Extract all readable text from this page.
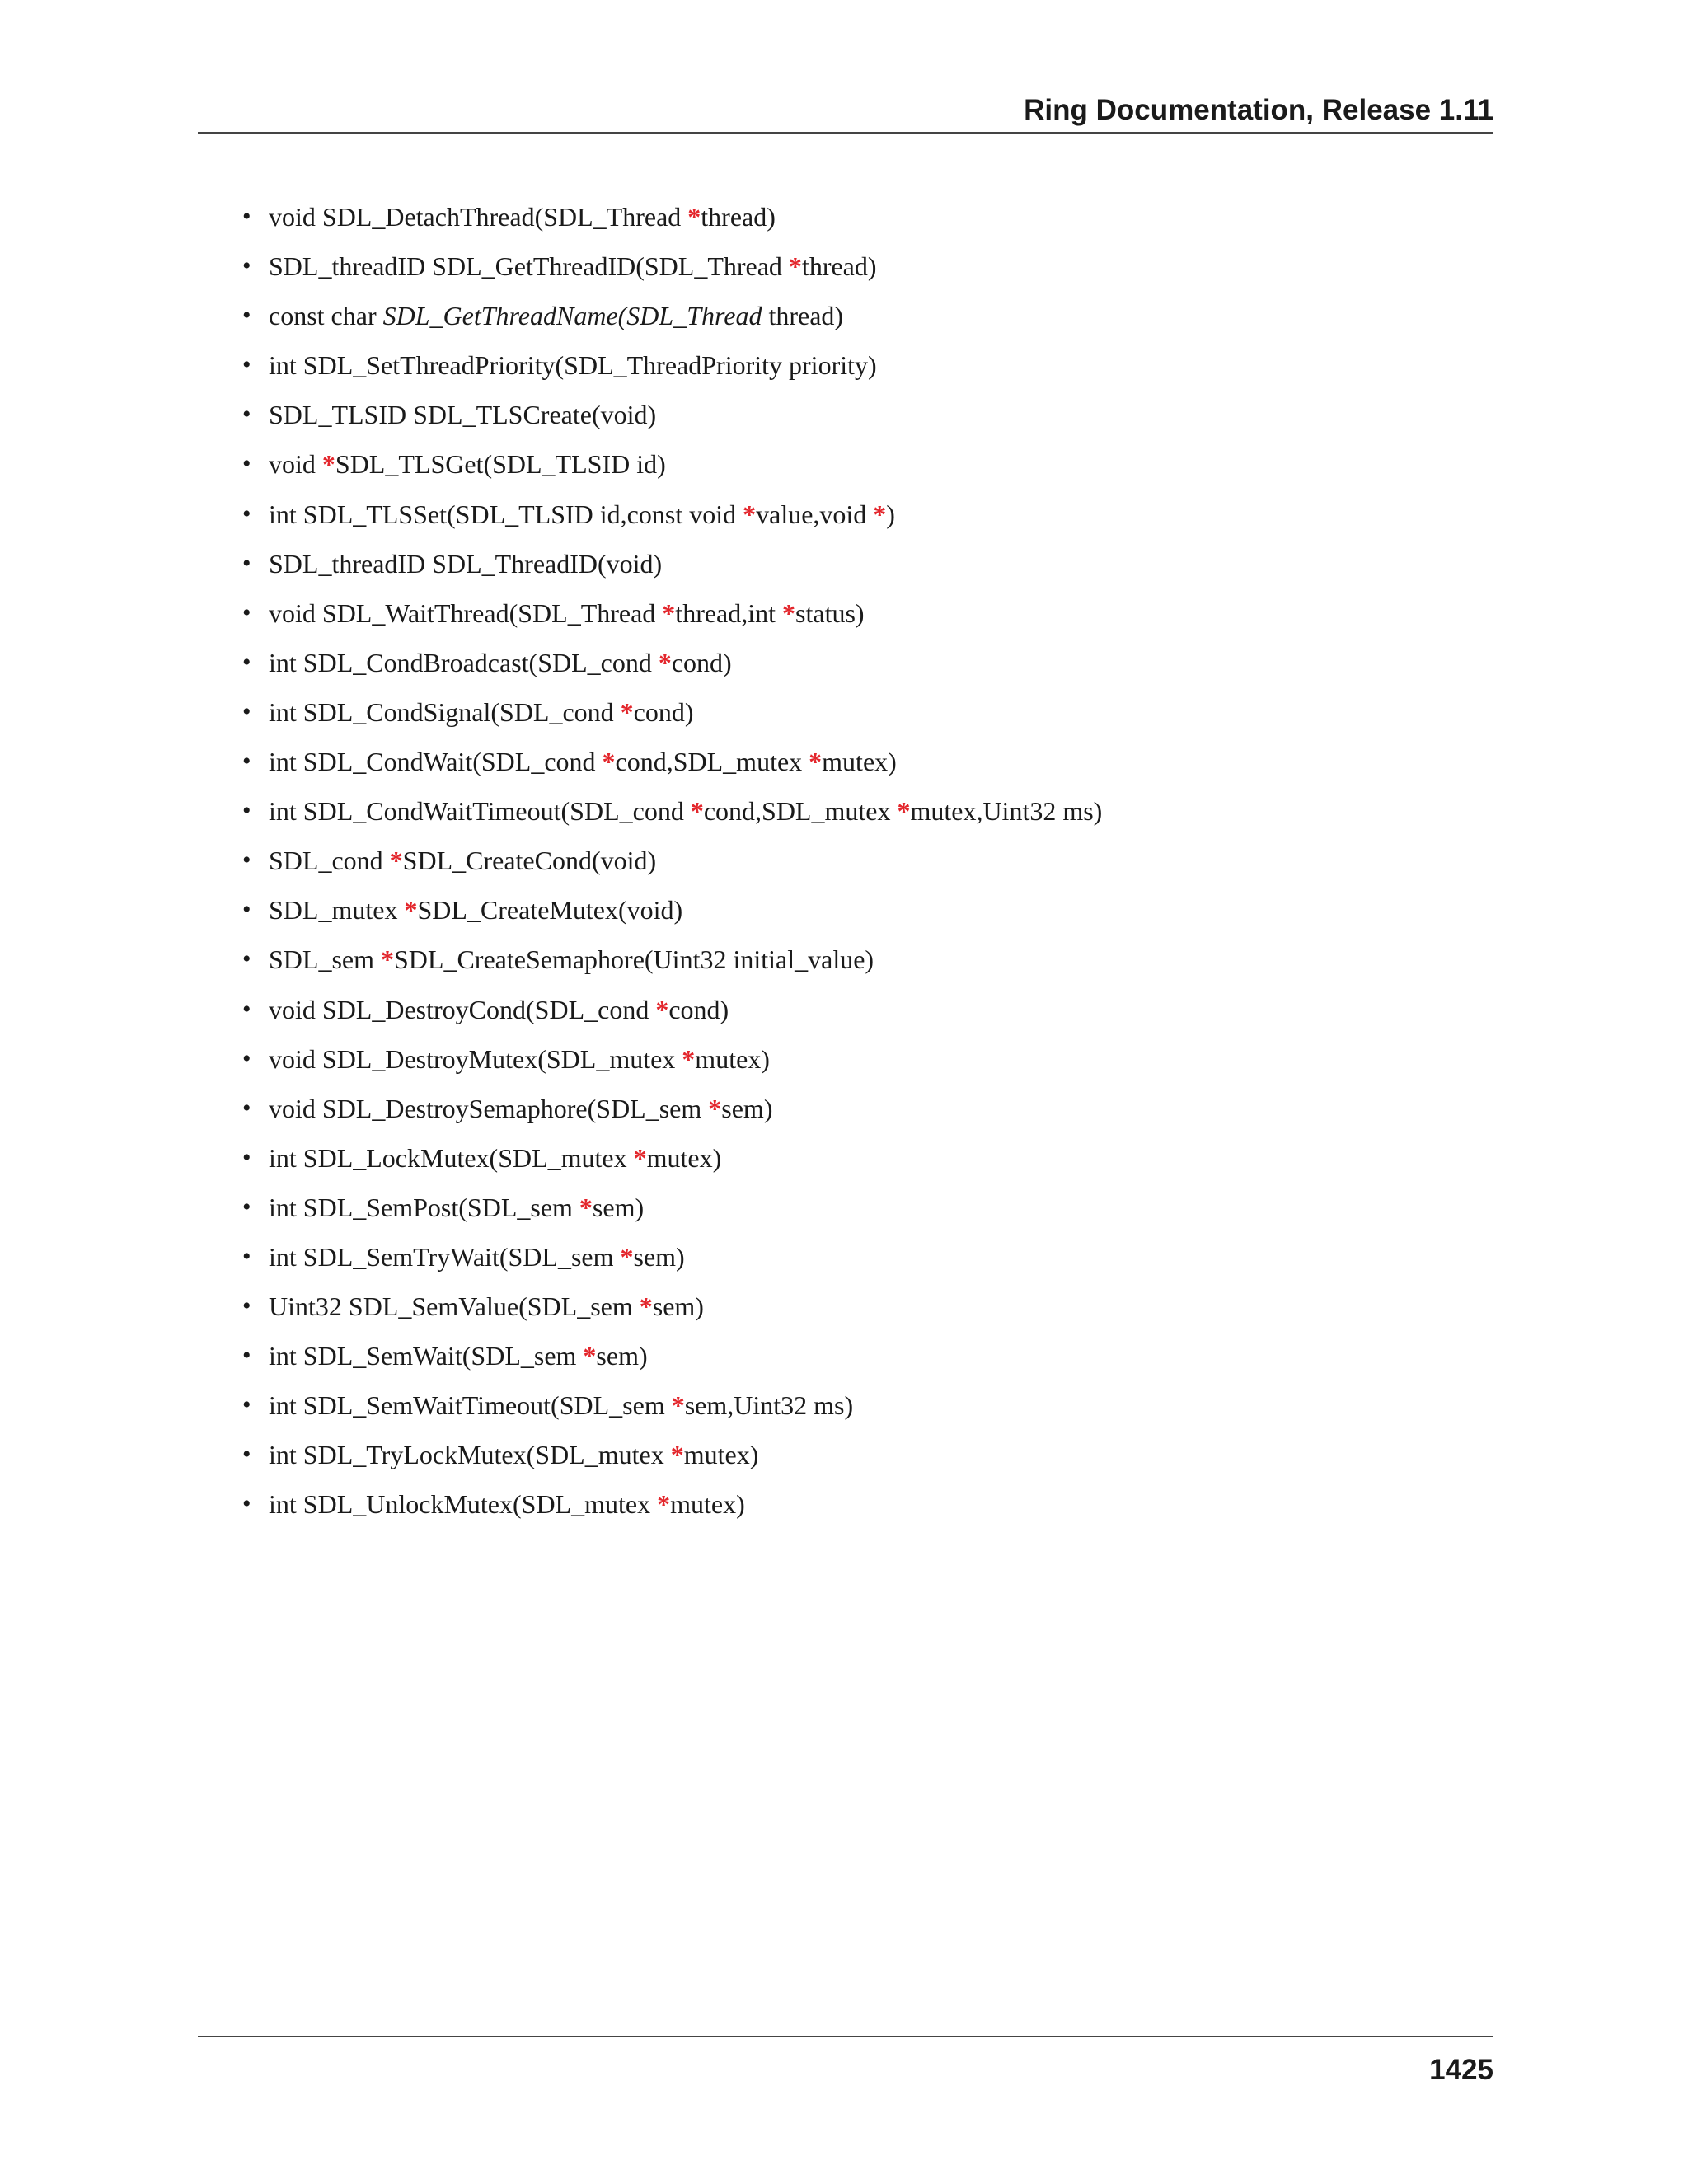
Ring Documentation, Release 1.11
• void SDL_DetachThread(SDL_Thread *thread)
• SDL_threadID SDL_GetThreadID(SDL_Thread *thread)
• const char SDL_GetThreadName(SDL_Thread thread)
• int SDL_SetThreadPriority(SDL_ThreadPriority priority)
• SDL_TLSID SDL_TLSCreate(void)
• void *SDL_TLSGet(SDL_TLSID id)
• int SDL_TLSSet(SDL_TLSID id,const void *value,void *)
• SDL_threadID SDL_ThreadID(void)
• void SDL_WaitThread(SDL_Thread *thread,int *status)
• int SDL_CondBroadcast(SDL_cond *cond)
• int SDL_CondSignal(SDL_cond *cond)
• int SDL_CondWait(SDL_cond *cond,SDL_mutex *mutex)
• int SDL_CondWaitTimeout(SDL_cond *cond,SDL_mutex *mutex,Uint32 ms)
• SDL_cond *SDL_CreateCond(void)
• SDL_mutex *SDL_CreateMutex(void)
• SDL_sem *SDL_CreateSemaphore(Uint32 initial_value)
• void SDL_DestroyCond(SDL_cond *cond)
• void SDL_DestroyMutex(SDL_mutex *mutex)
• void SDL_DestroySemaphore(SDL_sem *sem)
• int SDL_LockMutex(SDL_mutex *mutex)
• int SDL_SemPost(SDL_sem *sem)
• int SDL_SemTryWait(SDL_sem *sem)
• Uint32 SDL_SemValue(SDL_sem *sem)
• int SDL_SemWait(SDL_sem *sem)
• int SDL_SemWaitTimeout(SDL_sem *sem,Uint32 ms)
• int SDL_TryLockMutex(SDL_mutex *mutex)
• int SDL_UnlockMutex(SDL_mutex *mutex)
1425
